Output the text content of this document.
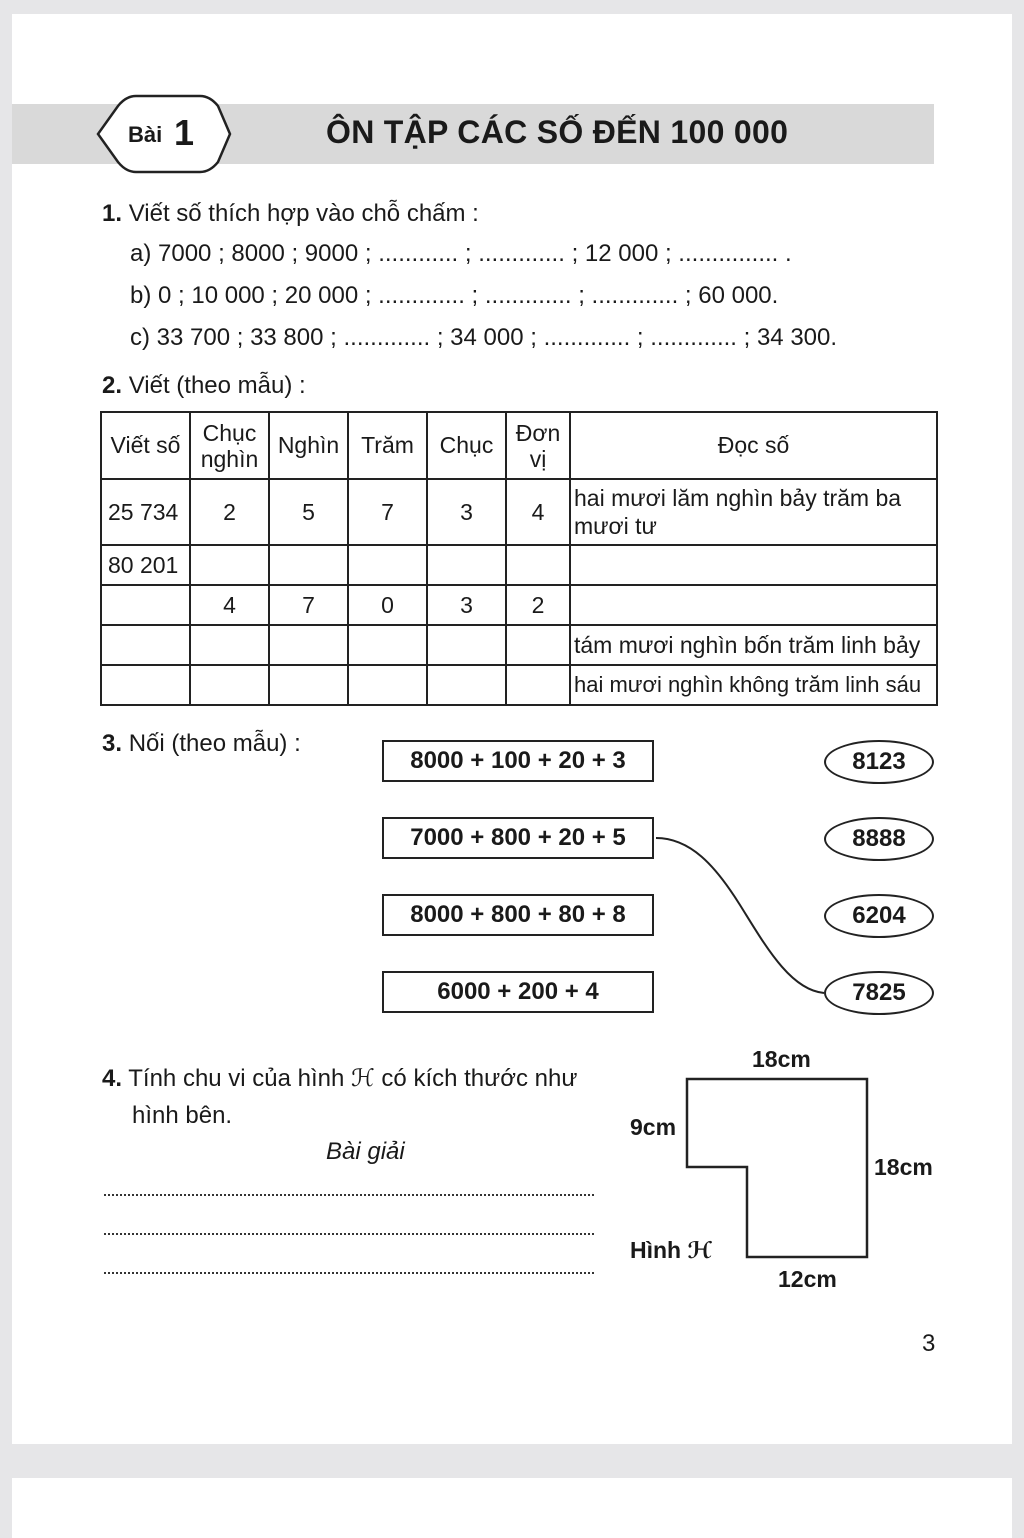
Bài 1	ÔN TẬP CÁC SỐ ĐẾN 100 000
1. Viết số thích hợp vào chỗ chấm :
a) 7000 ; 8000 ; 9000 ; ............ ; ............. ; 12 000 ; ............... .
b) 0 ; 10 000 ; 20 000 ; ............. ; ............. ; ............. ; 60 000.
c) 33 700 ; 33 800 ; ............. ; 34 000 ; ............. ; ............. ; 34 300.
2. Viết (theo mẫu) :
Viết số	Chục nghìn	Nghìn	Trăm	Chục	Đơn vị	Đọc số
25 734	2	5	7	3	4	hai mươi lăm nghìn bảy trăm ba mươi tư
80 201						
	4	7	0	3	2	
						tám mươi nghìn bốn trăm linh bảy
						hai mươi nghìn không trăm linh sáu
3. Nối (theo mẫu) :
8000 + 100 + 20 + 3
7000 + 800 + 20 + 5
8000 + 800 + 80 + 8
6000 + 200 + 4
8123
8888
6204
7825
4. Tính chu vi của hình ℋ có kích thước như
hình bên.
Bài giải
18cm
9cm
18cm
12cm
Hình ℋ
3
